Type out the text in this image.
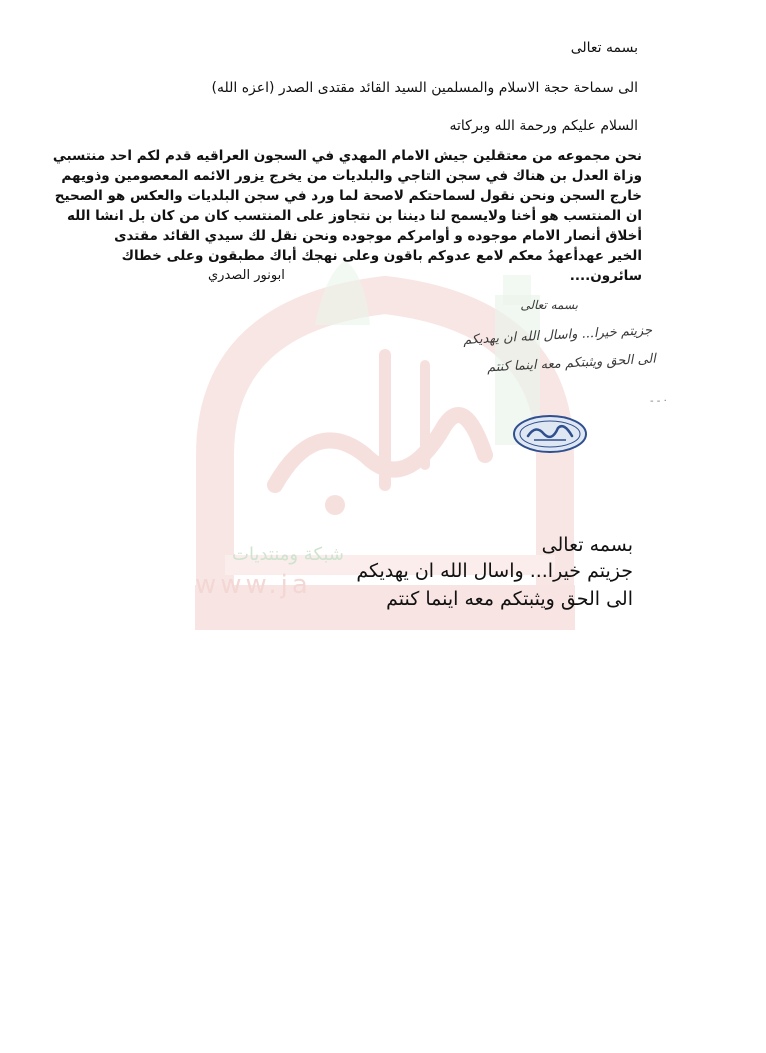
شبكة ومنتديات
www.ja
بسمه تعالى
الى سماحة حجة الاسلام والمسلمين السيد القائد مقتدى الصدر (اعزه الله)
السلام عليكم ورحمة الله وبركاته
نحن مجموعه من معتقلين جيش الامام المهدي في السجون العراقيه قدم لكم احد منتسبي
وزاة العدل بن هناك في سجن التاجي والبلديات من يخرج يزور الائمه المعصومين وذويهم
خارج السجن ونحن نقول لسماحتكم لاصحة لما ورد في سجن البلديات والعكس هو الصحيح
ان المنتسب هو أخنا ولايسمح لنا ديننا بن نتجاوز على المنتسب كان من كان بل انشا الله
أخلاق أنصار الامام موجوده و أوامركم موجوده ونحن نقل لك سيدي القائد مقتدى
الخير عهدأعهدُ معكم لامع عدوكم باقون وعلى نهجك أباك مطبقون وعلى خطاك
سائرون....
ابونور الصدري
بسمه تعالى
جزيتم خيرا... واسال الله ان يهديكم
الى الحق ويثبتكم معه اينما كنتم
‐ ‐ ·
بسمه تعالى
جزيتم خيرا... واسال الله ان يهديكم
الى الحق ويثبتكم معه اينما كنتم
